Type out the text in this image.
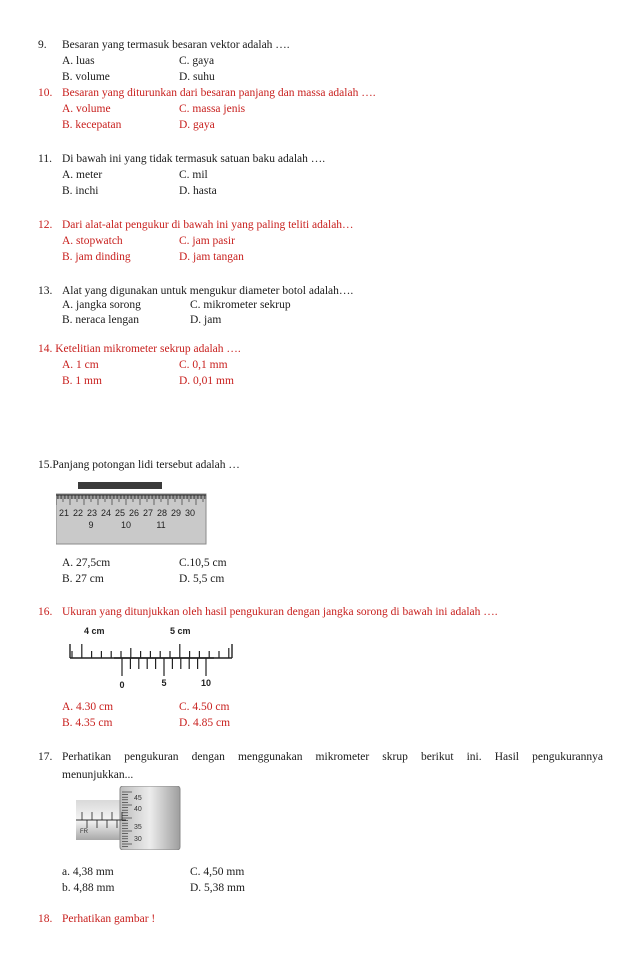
9.	Besaran yang termasuk besaran vektor adalah ….
A. luas	C. gaya
B. volume	D. suhu
10. Besaran yang diturunkan dari besaran panjang dan massa adalah ….
A. volume	C. massa jenis
B. kecepatan	D. gaya
11. Di bawah ini yang tidak termasuk satuan baku adalah ….
A. meter	C. mil
B. inchi	D. hasta
12. Dari alat-alat pengukur di bawah ini yang paling teliti adalah…
A. stopwatch	C. jam pasir
B. jam dinding	D. jam tangan
13. Alat yang digunakan untuk mengukur diameter botol adalah….
A. jangka sorong	C. mikrometer sekrup
B. neraca lengan	D. jam
14. Ketelitian mikrometer sekrup adalah ….
A. 1 cm	C. 0,1 mm
B. 1 mm	D. 0,01 mm
15.Panjang potongan lidi tersebut adalah …
21 22 23 24 25 26 27 28 29 30
9	10	11
A. 27,5cm	C.10,5 cm
B. 27 cm	D. 5,5 cm
16. Ukuran yang ditunjukkan oleh hasil pengukuran dengan jangka sorong di bawah ini adalah ….
4 cm	5 cm
0	5	10
A. 4.30 cm	C. 4.50 cm
B. 4.35 cm	D. 4.85 cm
17. Perhatikan pengukuran dengan menggunakan mikrometer skrup berikut ini. Hasil pengukurannya
menunjukkan...
FR
45
40
35
30
a. 4,38 mm	C. 4,50 mm
b. 4,88 mm	D. 5,38 mm
18. Perhatikan gambar !
